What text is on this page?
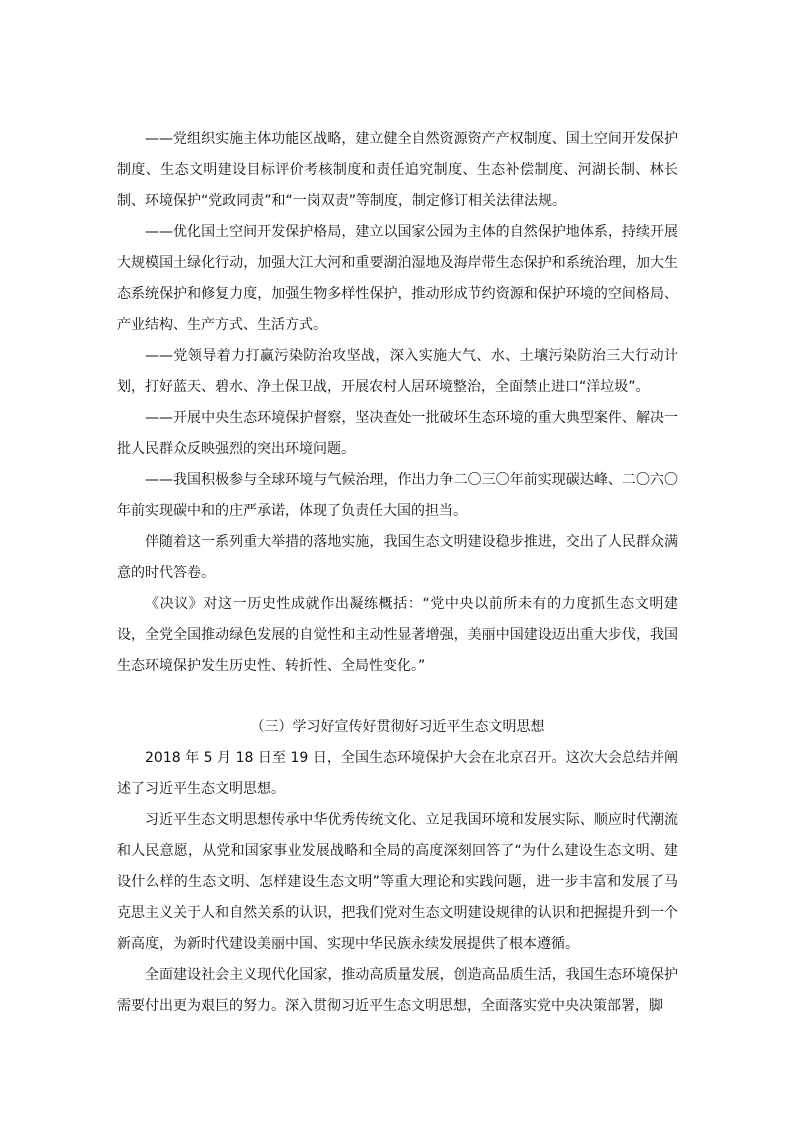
——党组织实施主体功能区战略，建立健全自然资源资产产权制度、国土空间开发保护制度、生态文明建设目标评价考核制度和责任追究制度、生态补偿制度、河湖长制、林长制、环境保护“党政同责”和“一岗双责”等制度，制定修订相关法律法规。

——优化国土空间开发保护格局，建立以国家公园为主体的自然保护地体系，持续开展大规模国土绿化行动，加强大江大河和重要湖泊湿地及海岸带生态保护和系统治理，加大生态系统保护和修复力度，加强生物多样性保护，推动形成节约资源和保护环境的空间格局、产业结构、生产方式、生活方式。

——党领导着力打赢污染防治攻坚战，深入实施大气、水、土壤污染防治三大行动计划，打好蓝天、碧水、净土保卫战，开展农村人居环境整治，全面禁止进口“洋垃圾”。

——开展中央生态环境保护督察，坚决查处一批破坏生态环境的重大典型案件、解决一批人民群众反映强烈的突出环境问题。

——我国积极参与全球环境与气候治理，作出力争二〇三〇年前实现碳达峰、二〇六〇年前实现碳中和的庄严承诺，体现了负责任大国的担当。

伴随着这一系列重大举措的落地实施，我国生态文明建设稳步推进，交出了人民群众满意的时代答卷。

《决议》对这一历史性成就作出凝练概括：“党中央以前所未有的力度抓生态文明建设，全党全国推动绿色发展的自觉性和主动性显著增强，美丽中国建设迈出重大步伐，我国生态环境保护发生历史性、转折性、全局性变化。”

（三）学习好宣传好贯彻好习近平生态文明思想

2018 年 5 月 18 日至 19 日，全国生态环境保护大会在北京召开。这次大会总结并阐述了习近平生态文明思想。

习近平生态文明思想传承中华优秀传统文化、立足我国环境和发展实际、顺应时代潮流和人民意愿，从党和国家事业发展战略和全局的高度深刻回答了“为什么建设生态文明、建设什么样的生态文明、怎样建设生态文明”等重大理论和实践问题，进一步丰富和发展了马克思主义关于人和自然关系的认识，把我们党对生态文明建设规律的认识和把握提升到一个新高度，为新时代建设美丽中国、实现中华民族永续发展提供了根本遵循。

全面建设社会主义现代化国家，推动高质量发展，创造高品质生活，我国生态环境保护需要付出更为艰巨的努力。深入贯彻习近平生态文明思想，全面落实党中央决策部署，脚
